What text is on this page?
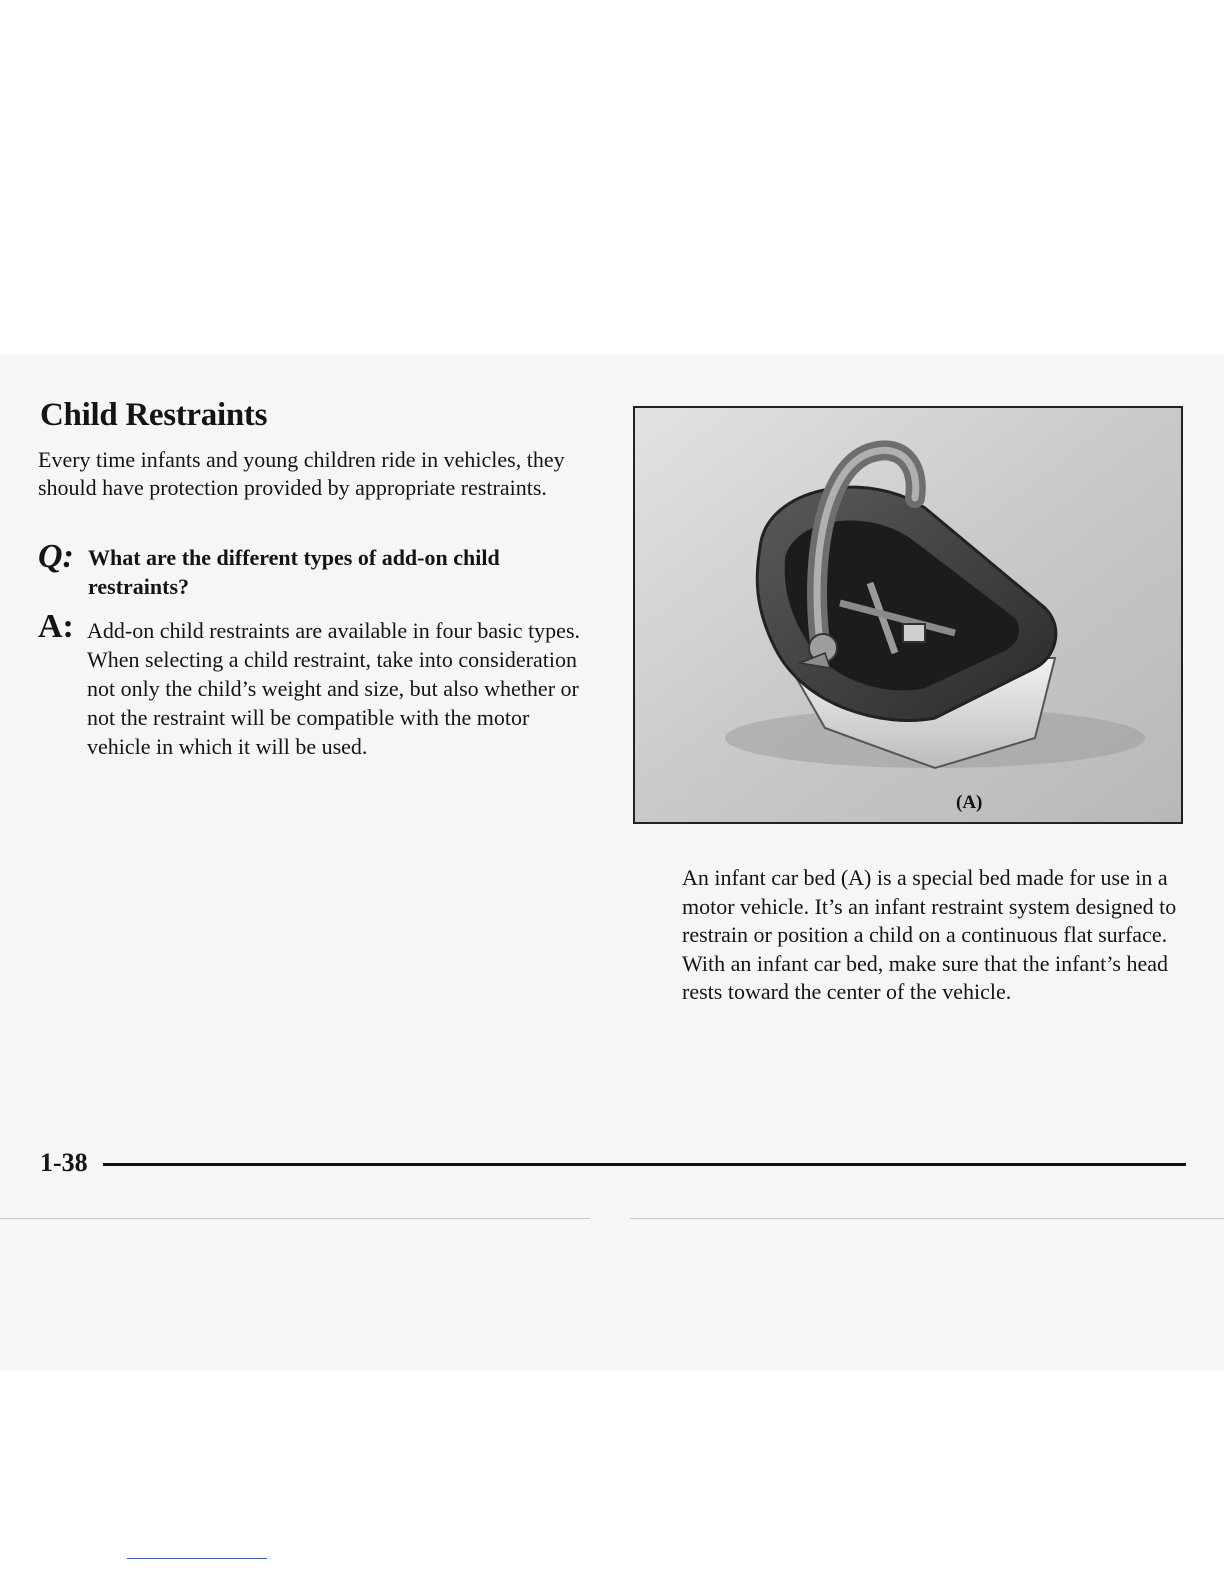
Child Restraints
Every time infants and young children ride in vehicles, they should have protection provided by appropriate restraints.
Q: What are the different types of add-on child restraints?
A: Add-on child restraints are available in four basic types. When selecting a child restraint, take into consideration not only the child’s weight and size, but also whether or not the restraint will be compatible with the motor vehicle in which it will be used.
(A)
An infant car bed (A) is a special bed made for use in a motor vehicle. It’s an infant restraint system designed to restrain or position a child on a continuous flat surface. With an infant car bed, make sure that the infant’s head rests toward the center of the vehicle.
1-38
